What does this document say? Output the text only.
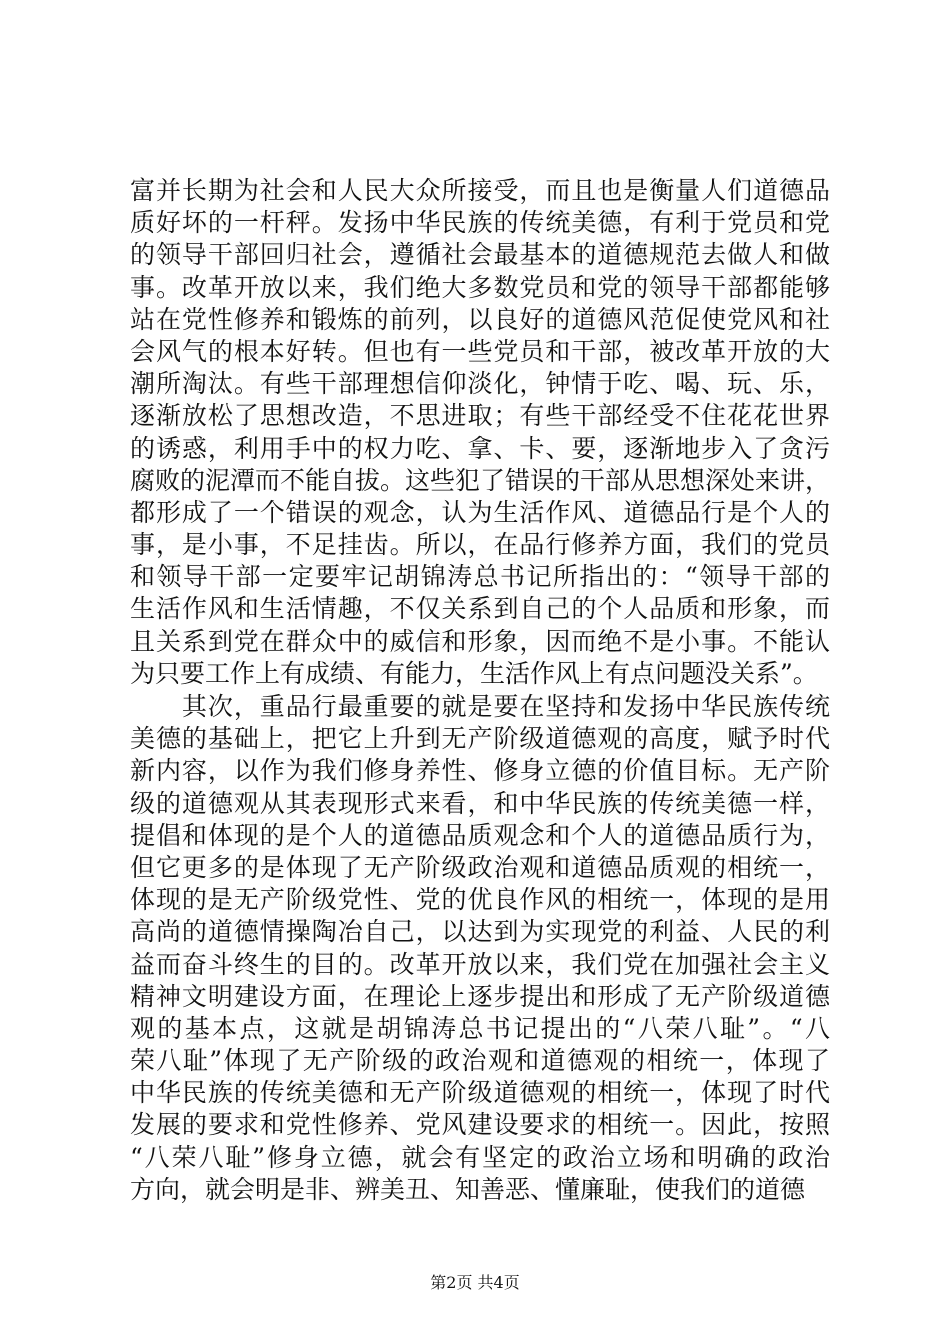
富并长期为社会和人民大众所接受，而且也是衡量人们道德品
质好坏的一杆秤。发扬中华民族的传统美德，有利于党员和党
的领导干部回归社会，遵循社会最基本的道德规范去做人和做
事。改革开放以来，我们绝大多数党员和党的领导干部都能够
站在党性修养和锻炼的前列，以良好的道德风范促使党风和社
会风气的根本好转。但也有一些党员和干部，被改革开放的大
潮所淘汰。有些干部理想信仰淡化，钟情于吃、喝、玩、乐，
逐渐放松了思想改造，不思进取；有些干部经受不住花花世界
的诱惑，利用手中的权力吃、拿、卡、要，逐渐地步入了贪污
腐败的泥潭而不能自拔。这些犯了错误的干部从思想深处来讲，
都形成了一个错误的观念，认为生活作风、道德品行是个人的
事，是小事，不足挂齿。所以，在品行修养方面，我们的党员
和领导干部一定要牢记胡锦涛总书记所指出的：“领导干部的
生活作风和生活情趣，不仅关系到自己的个人品质和形象，而
且关系到党在群众中的威信和形象，因而绝不是小事。不能认
为只要工作上有成绩、有能力，生活作风上有点问题没关系”。
　　其次，重品行最重要的就是要在坚持和发扬中华民族传统
美德的基础上，把它上升到无产阶级道德观的高度，赋予时代
新内容，以作为我们修身养性、修身立德的价值目标。无产阶
级的道德观从其表现形式来看，和中华民族的传统美德一样，
提倡和体现的是个人的道德品质观念和个人的道德品质行为，
但它更多的是体现了无产阶级政治观和道德品质观的相统一，
体现的是无产阶级党性、党的优良作风的相统一，体现的是用
高尚的道德情操陶冶自己，以达到为实现党的利益、人民的利
益而奋斗终生的目的。改革开放以来，我们党在加强社会主义
精神文明建设方面，在理论上逐步提出和形成了无产阶级道德
观的基本点，这就是胡锦涛总书记提出的“八荣八耻”。“八
荣八耻”体现了无产阶级的政治观和道德观的相统一，体现了
中华民族的传统美德和无产阶级道德观的相统一，体现了时代
发展的要求和党性修养、党风建设要求的相统一。因此，按照
“八荣八耻”修身立德，就会有坚定的政治立场和明确的政治
方向，就会明是非、辨美丑、知善恶、懂廉耻，使我们的道德
第2页 共4页
